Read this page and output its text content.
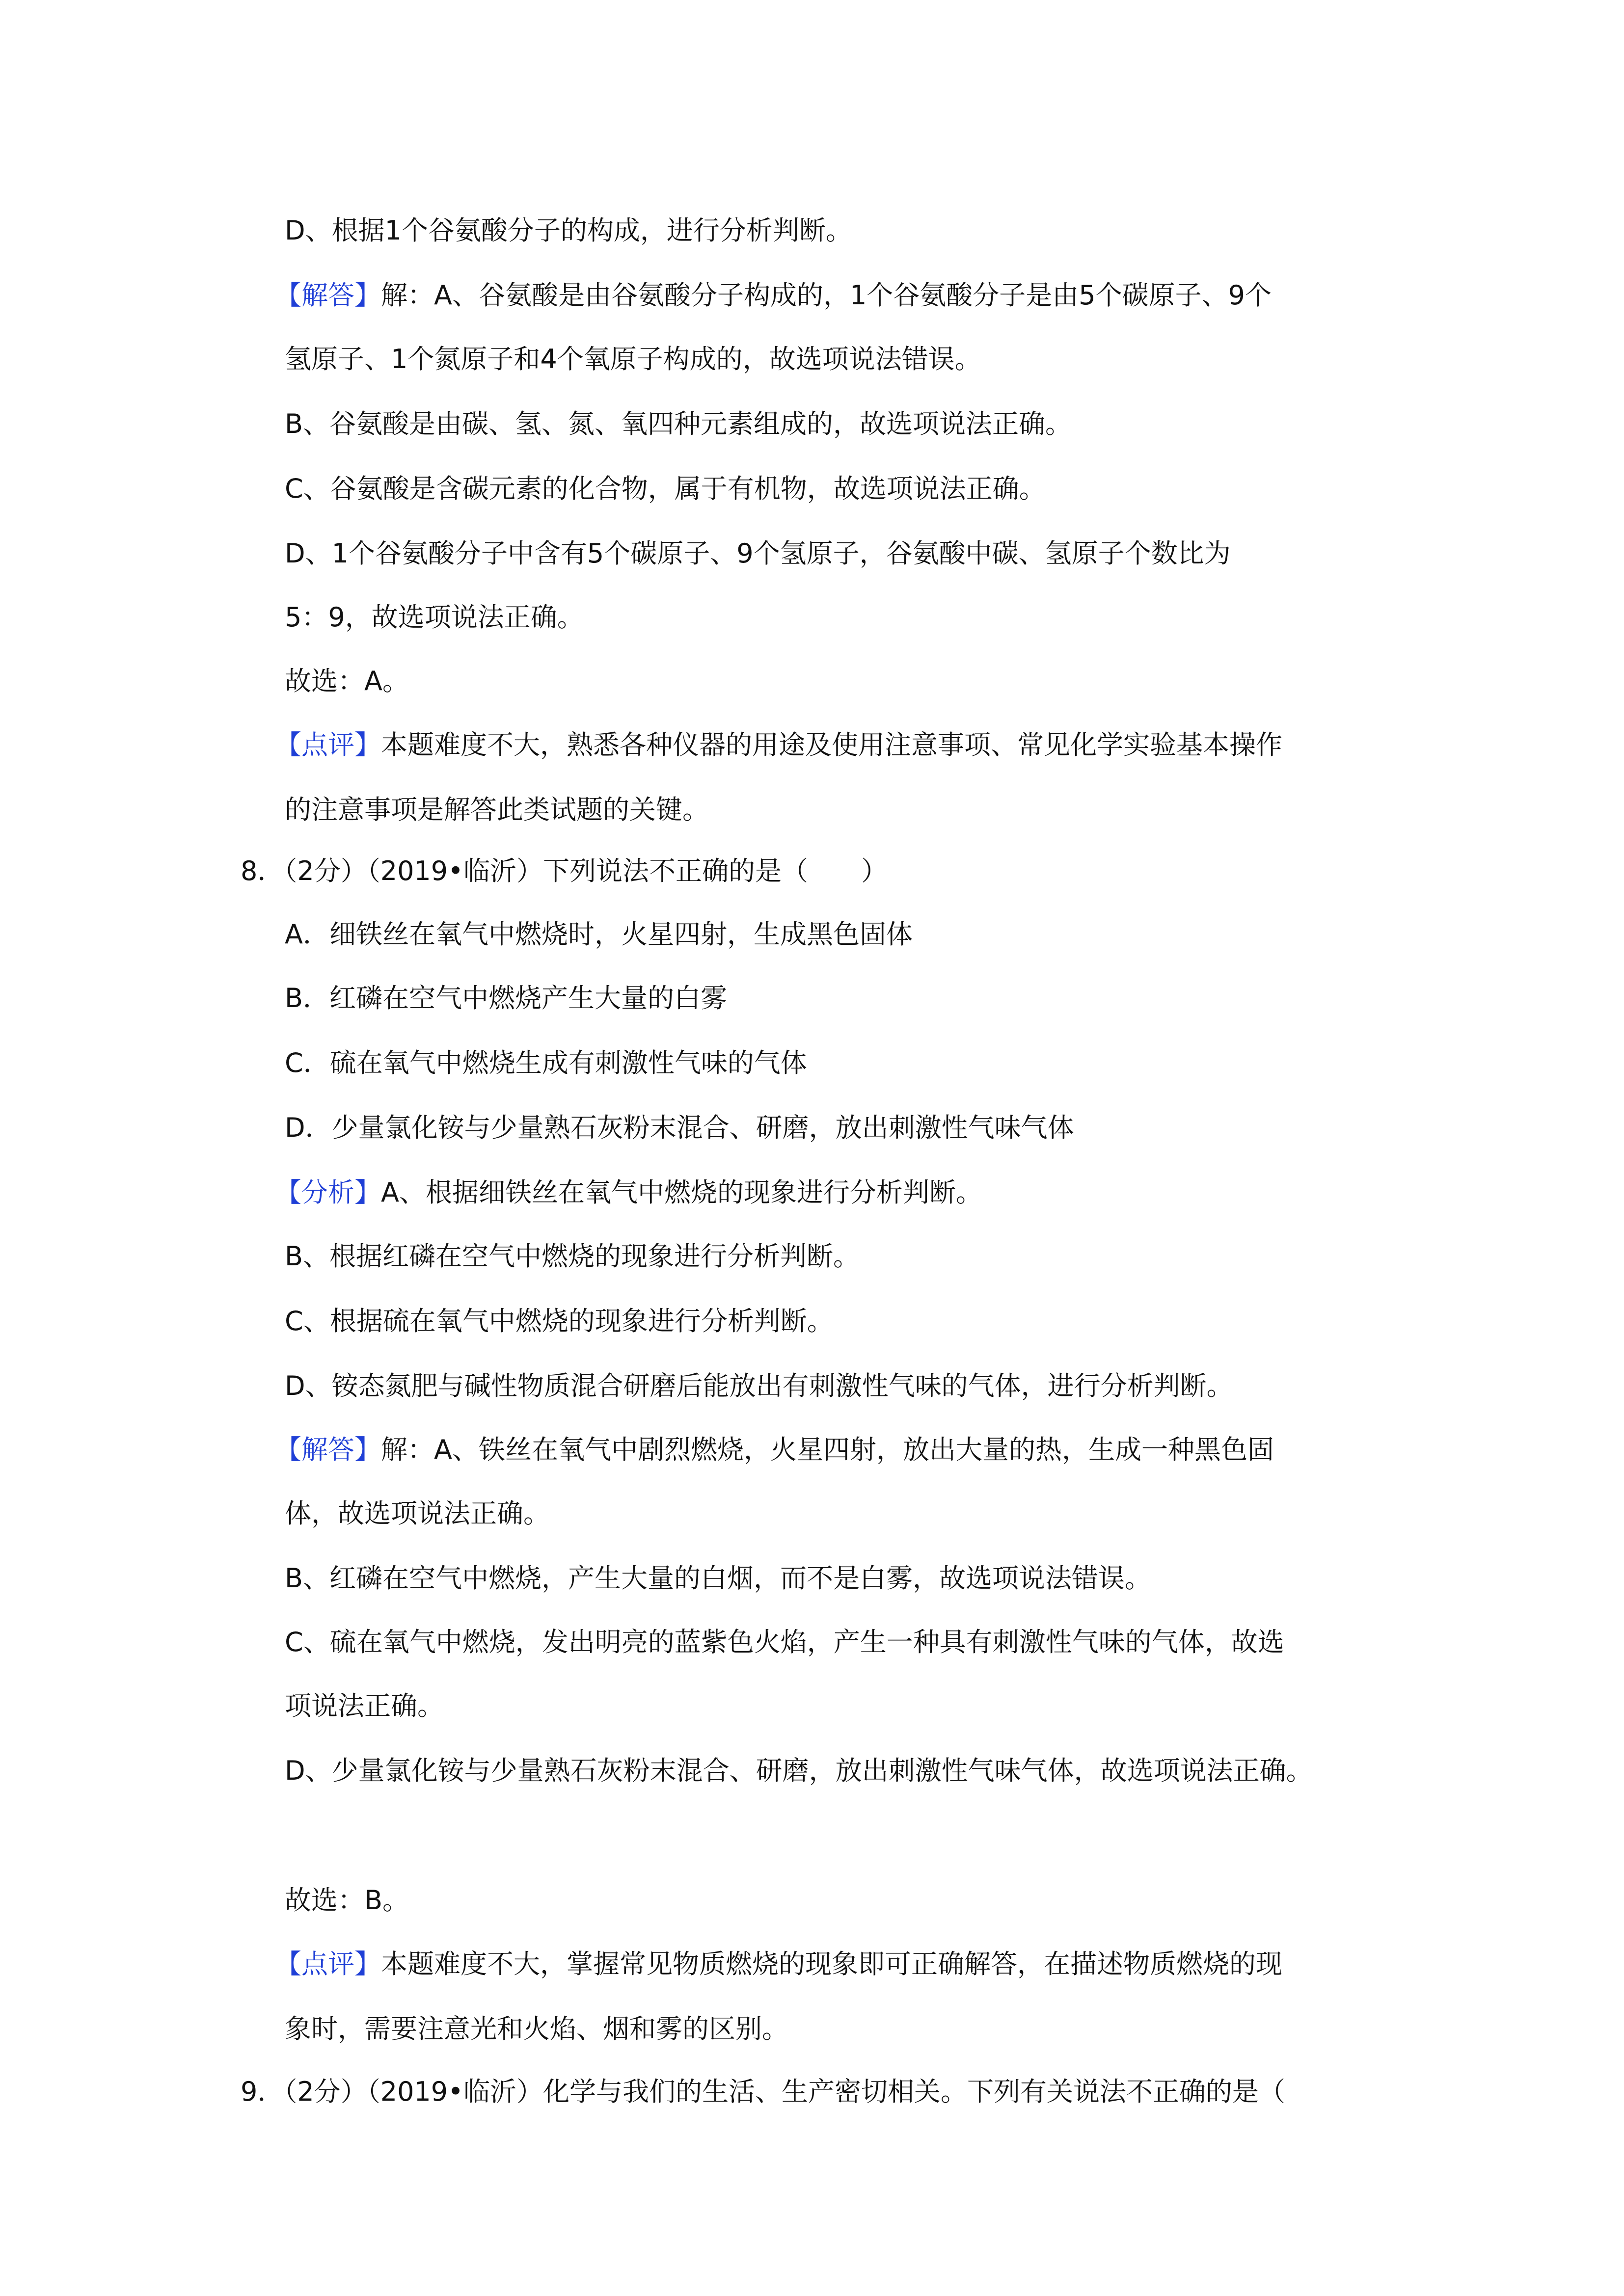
D、根据1个谷氨酸分子的构成，进行分析判断。
【解答】解：A、谷氨酸是由谷氨酸分子构成的，1个谷氨酸分子是由5个碳原子、9个
氢原子、1个氮原子和4个氧原子构成的，故选项说法错误。
B、谷氨酸是由碳、氢、氮、氧四种元素组成的，故选项说法正确。
C、谷氨酸是含碳元素的化合物，属于有机物，故选项说法正确。
D、1个谷氨酸分子中含有5个碳原子、9个氢原子，谷氨酸中碳、氢原子个数比为
5：9，故选项说法正确。
故选：A。
【点评】本题难度不大，熟悉各种仪器的用途及使用注意事项、常见化学实验基本操作
的注意事项是解答此类试题的关键。
8．（2分）（2019•临沂）下列说法不正确的是（　　）
A．细铁丝在氧气中燃烧时，火星四射，生成黑色固体
B．红磷在空气中燃烧产生大量的白雾
C．硫在氧气中燃烧生成有刺激性气味的气体
D．少量氯化铵与少量熟石灰粉末混合、研磨，放出刺激性气味气体
【分析】A、根据细铁丝在氧气中燃烧的现象进行分析判断。
B、根据红磷在空气中燃烧的现象进行分析判断。
C、根据硫在氧气中燃烧的现象进行分析判断。
D、铵态氮肥与碱性物质混合研磨后能放出有刺激性气味的气体，进行分析判断。
【解答】解：A、铁丝在氧气中剧烈燃烧，火星四射，放出大量的热，生成一种黑色固
体，故选项说法正确。
B、红磷在空气中燃烧，产生大量的白烟，而不是白雾，故选项说法错误。
C、硫在氧气中燃烧，发出明亮的蓝紫色火焰，产生一种具有刺激性气味的气体，故选
项说法正确。
D、少量氯化铵与少量熟石灰粉末混合、研磨，放出刺激性气味气体，故选项说法正确。
故选：B。
【点评】本题难度不大，掌握常见物质燃烧的现象即可正确解答，在描述物质燃烧的现
象时，需要注意光和火焰、烟和雾的区别。
9．（2分）（2019•临沂）化学与我们的生活、生产密切相关。下列有关说法不正确的是（
